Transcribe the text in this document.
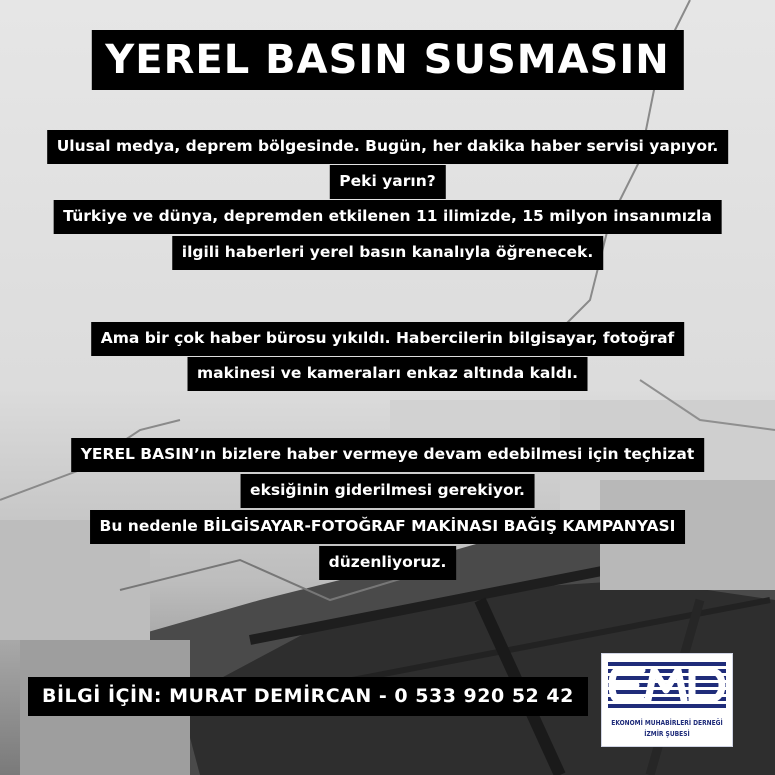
YEREL BASIN SUSMASIN
Ulusal medya, deprem bölgesinde. Bugün, her dakika haber servisi yapıyor.
Peki yarın?
Türkiye ve dünya, depremden etkilenen 11 ilimizde, 15 milyon insanımızla
ilgili haberleri yerel basın kanalıyla öğrenecek.
Ama bir çok haber bürosu yıkıldı. Habercilerin bilgisayar, fotoğraf
makinesi ve kameraları enkaz altında kaldı.
YEREL BASIN’ın bizlere haber vermeye devam edebilmesi için teçhizat
eksiğinin giderilmesi gerekiyor.
Bu nedenle BİLGİSAYAR-FOTOĞRAF MAKİNASI BAĞIŞ KAMPANYASI
düzenliyoruz.
BİLGİ İÇİN: MURAT DEMİRCAN - 0 533 920 52 42
EKONOMİ MUHABİRLERİ DERNEĞİ
İZMİR ŞUBESİ
